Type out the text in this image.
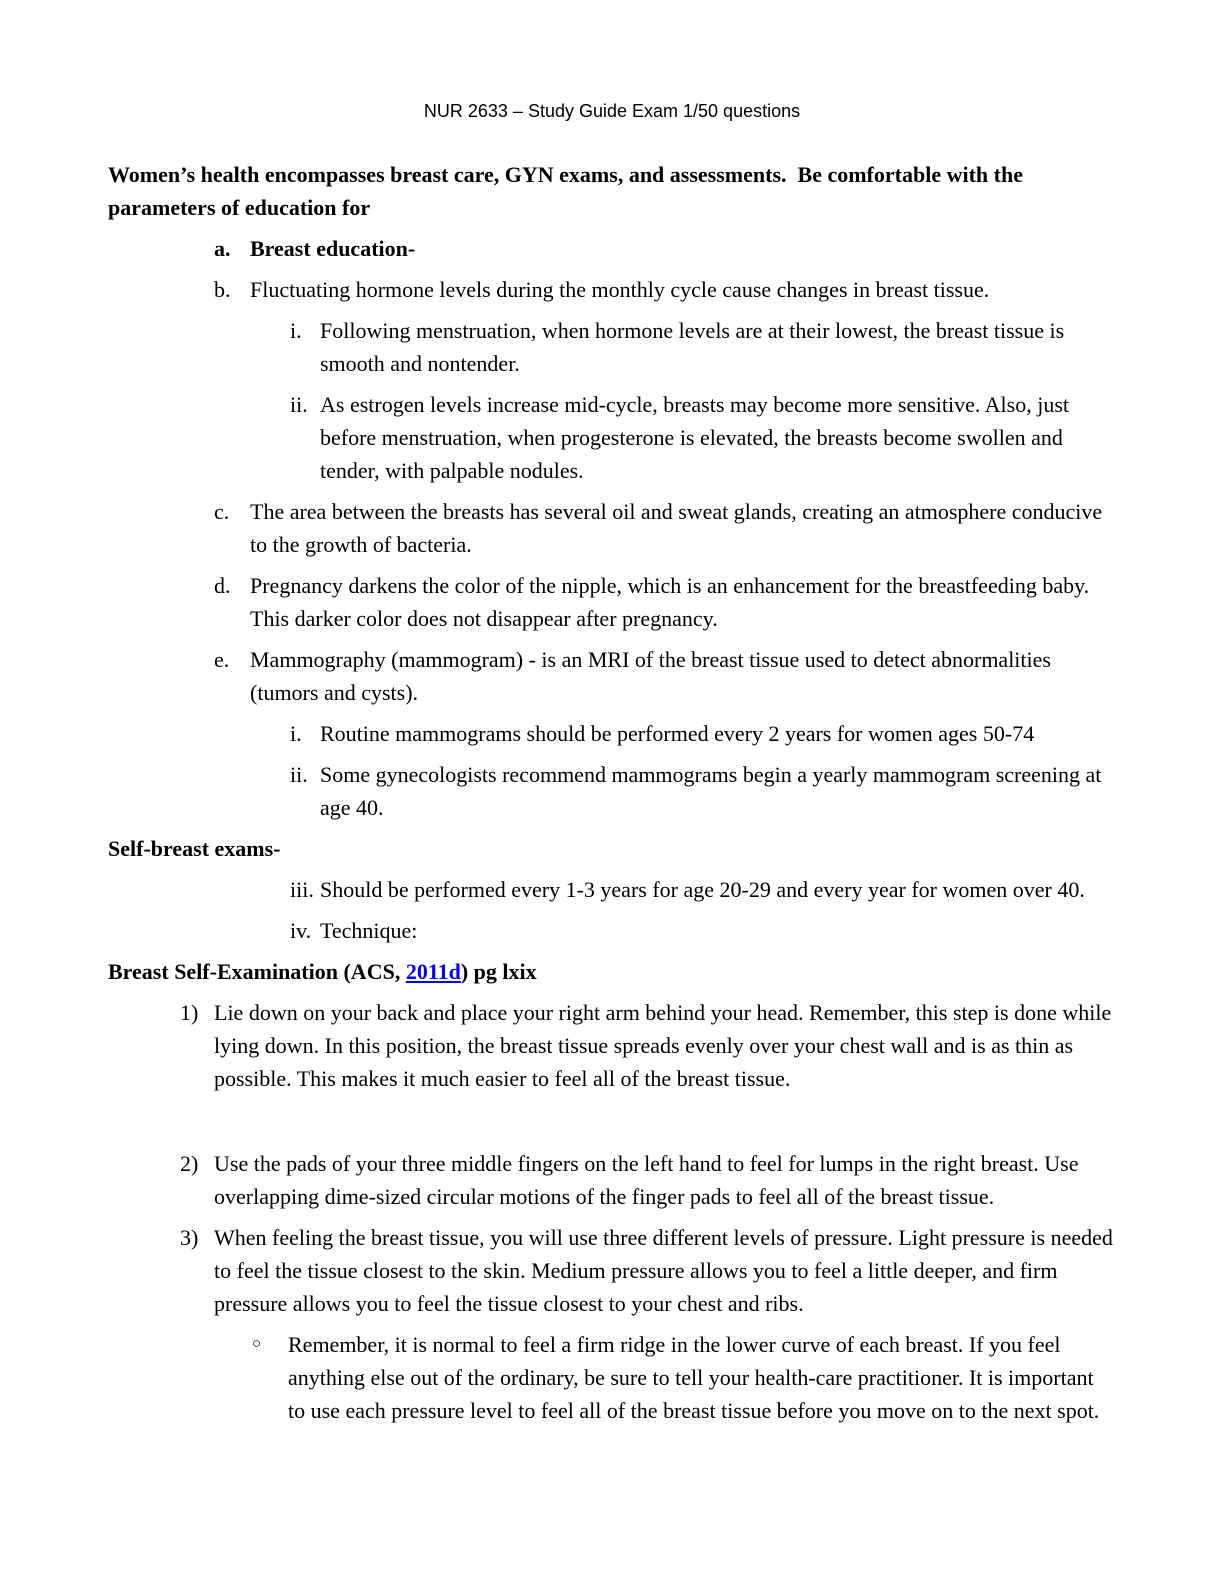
NUR 2633 – Study Guide Exam 1/50 questions

Women’s health encompasses breast care, GYN exams, and assessments.  Be comfortable with the parameters of education for

a. Breast education-
b. Fluctuating hormone levels during the monthly cycle cause changes in breast tissue.
i. Following menstruation, when hormone levels are at their lowest, the breast tissue is smooth and nontender.
ii. As estrogen levels increase mid-cycle, breasts may become more sensitive. Also, just before menstruation, when progesterone is elevated, the breasts become swollen and tender, with palpable nodules.
c. The area between the breasts has several oil and sweat glands, creating an atmosphere conducive to the growth of bacteria.
d. Pregnancy darkens the color of the nipple, which is an enhancement for the breastfeeding baby. This darker color does not disappear after pregnancy.
e. Mammography (mammogram) - is an MRI of the breast tissue used to detect abnormalities (tumors and cysts).
i. Routine mammograms should be performed every 2 years for women ages 50-74
ii. Some gynecologists recommend mammograms begin a yearly mammogram screening at age 40.
Self-breast exams-
iii. Should be performed every 1-3 years for age 20-29 and every year for women over 40.
iv. Technique:
Breast Self-Examination (ACS, 2011d) pg lxix
1) Lie down on your back and place your right arm behind your head. Remember, this step is done while lying down. In this position, the breast tissue spreads evenly over your chest wall and is as thin as possible. This makes it much easier to feel all of the breast tissue.
2) Use the pads of your three middle fingers on the left hand to feel for lumps in the right breast. Use overlapping dime-sized circular motions of the finger pads to feel all of the breast tissue.
3) When feeling the breast tissue, you will use three different levels of pressure. Light pressure is needed to feel the tissue closest to the skin. Medium pressure allows you to feel a little deeper, and firm pressure allows you to feel the tissue closest to your chest and ribs.
○	Remember, it is normal to feel a firm ridge in the lower curve of each breast. If you feel anything else out of the ordinary, be sure to tell your health-care practitioner. It is important to use each pressure level to feel all of the breast tissue before you move on to the next spot.
